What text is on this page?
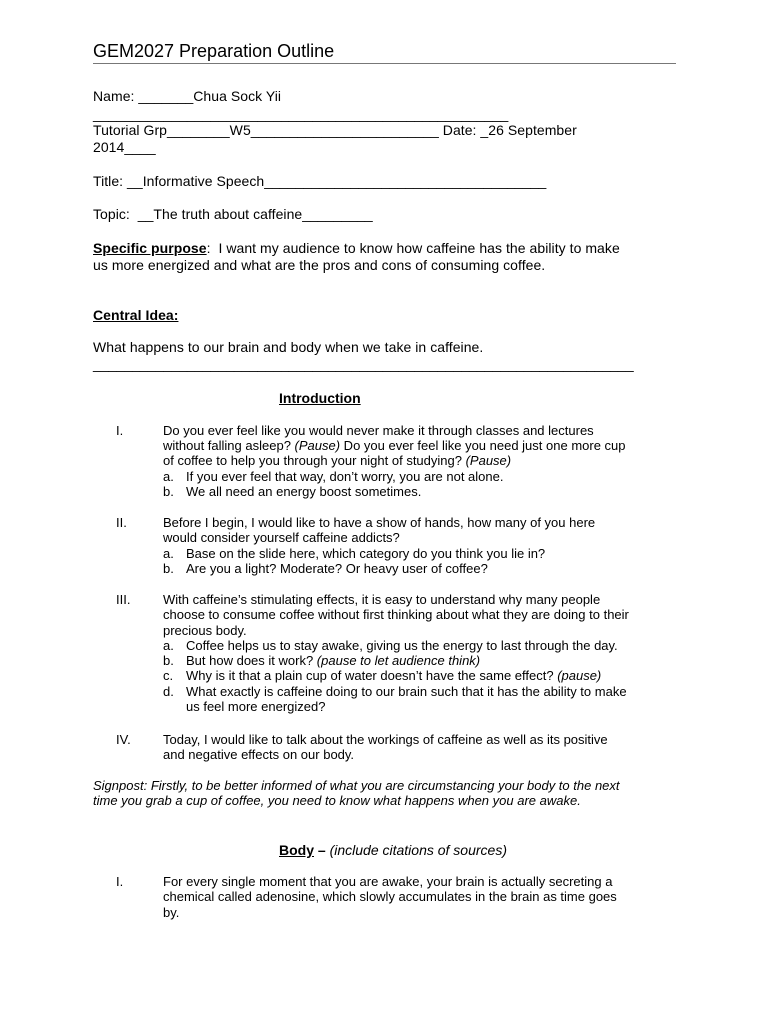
GEM2027 Preparation Outline
Name: _______Chua Sock Yii
_____________________________________________________
Tutorial Grp________W5________________________ Date: _26 September
2014____
Title: __Informative Speech____________________________________
Topic:  __The truth about caffeine_________
Specific purpose:  I want my audience to know how caffeine has the ability to make
us more energized and what are the pros and cons of consuming coffee.
Central Idea:
What happens to our brain and body when we take in caffeine.
_____________________________________________________________________
Introduction
I.	Do you ever feel like you would never make it through classes and lectures
without falling asleep? (Pause) Do you ever feel like you need just one more cup
of coffee to help you through your night of studying? (Pause)
a. If you ever feel that way, don’t worry, you are not alone.
b. We all need an energy boost sometimes.
II.	Before I begin, I would like to have a show of hands, how many of you here
would consider yourself caffeine addicts?
a. Base on the slide here, which category do you think you lie in?
b. Are you a light? Moderate? Or heavy user of coffee?
III.	With caffeine’s stimulating effects, it is easy to understand why many people
choose to consume coffee without first thinking about what they are doing to their
precious body.
a. Coffee helps us to stay awake, giving us the energy to last through the day.
b. But how does it work? (pause to let audience think)
c. Why is it that a plain cup of water doesn’t have the same effect? (pause)
d. What exactly is caffeine doing to our brain such that it has the ability to make
us feel more energized?
IV. Today, I would like to talk about the workings of caffeine as well as its positive
and negative effects on our body.
Signpost: Firstly, to be better informed of what you are circumstancing your body to the next
time you grab a cup of coffee, you need to know what happens when you are awake.
Body – (include citations of sources)
I.	For every single moment that you are awake, your brain is actually secreting a
chemical called adenosine, which slowly accumulates in the brain as time goes
by.
